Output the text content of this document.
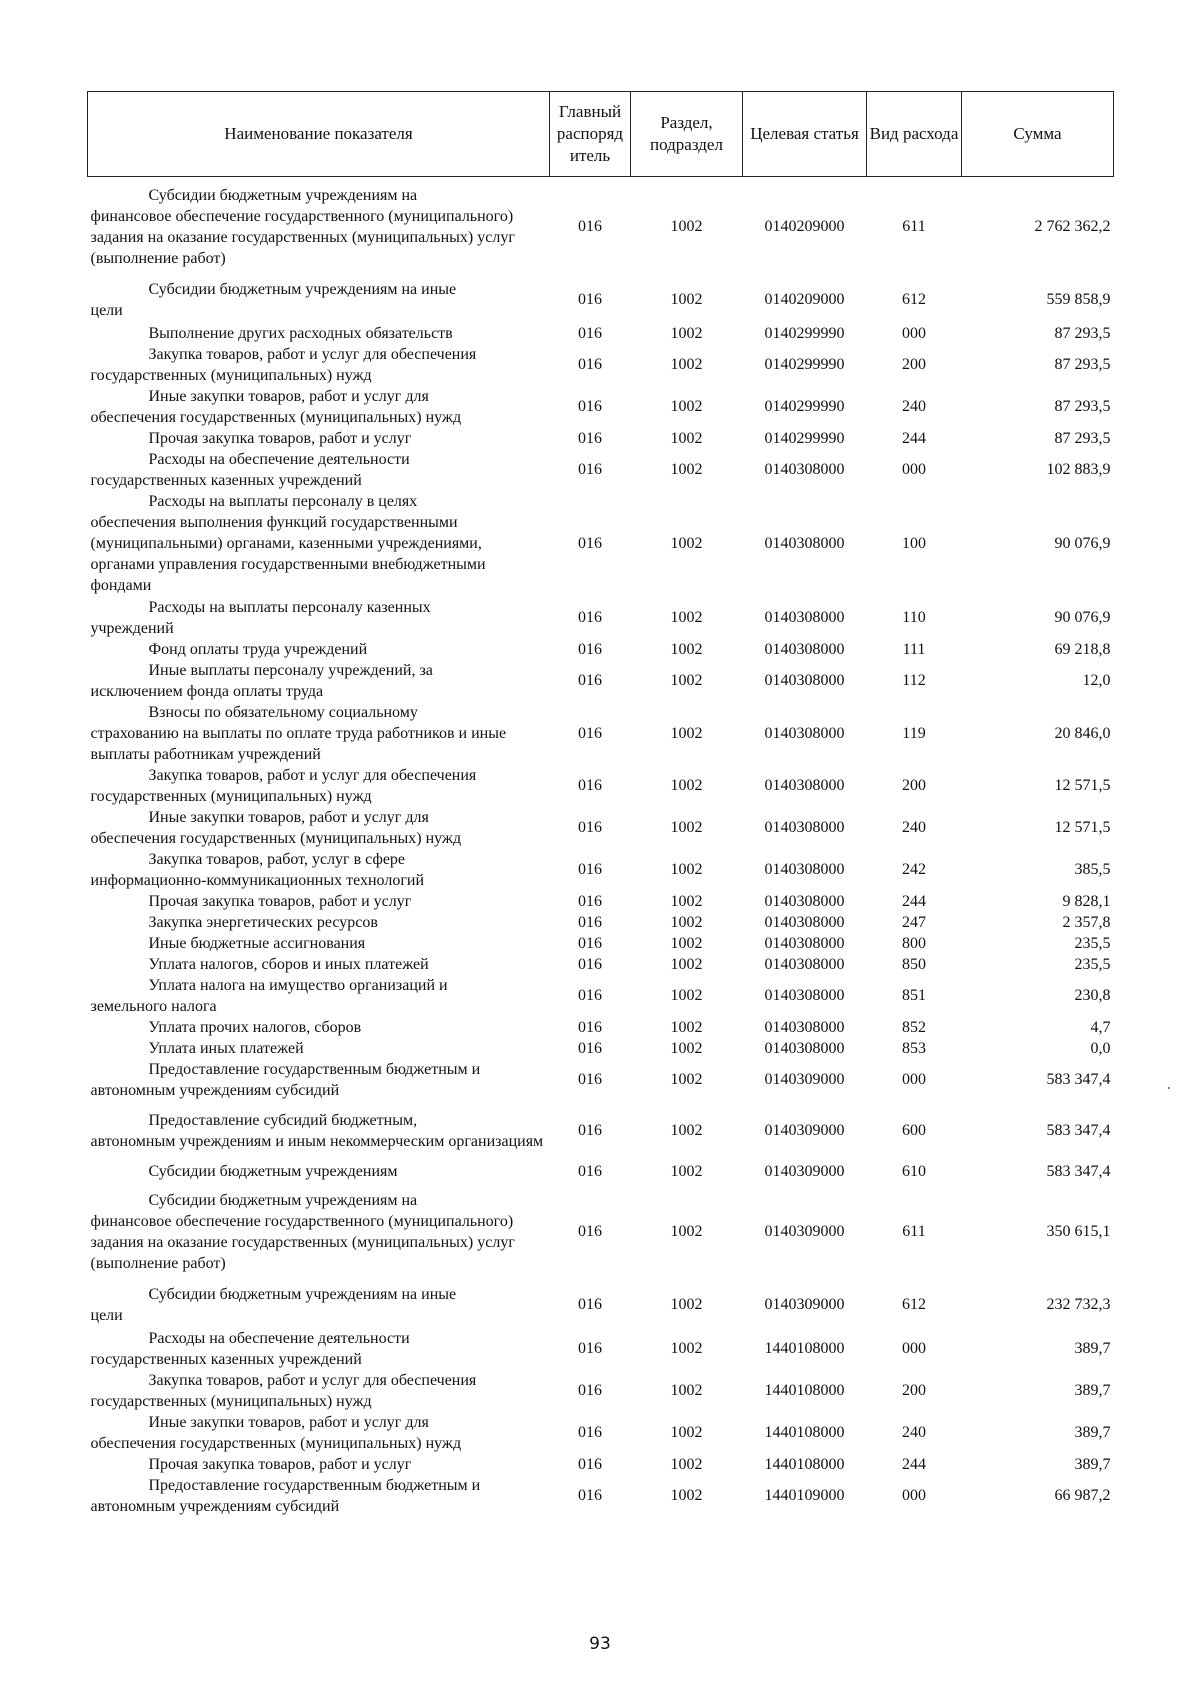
Наименование показателя	Главный распоряд итель	Раздел, подраздел	Целевая статья	Вид расхода	Сумма

Субсидии бюджетным учреждениям на
финансовое обеспечение государственного (муниципального) задания на оказание государственных (муниципальных) услуг (выполнение работ)	016	1002	0140209000	611	2 762 362,2

Субсидии бюджетным учреждениям на иные
цели	016	1002	0140209000	612	559 858,9

Выполнение других расходных обязательств	016	1002	0140299990	000	87 293,5

Закупка товаров, работ и услуг для обеспечения
государственных (муниципальных) нужд	016	1002	0140299990	200	87 293,5

Иные закупки товаров, работ и услуг для
обеспечения государственных (муниципальных) нужд	016	1002	0140299990	240	87 293,5

Прочая закупка товаров, работ и услуг	016	1002	0140299990	244	87 293,5

Расходы на обеспечение деятельности
государственных казенных учреждений	016	1002	0140308000	000	102 883,9

Расходы на выплаты персоналу в целях
обеспечения выполнения функций государственными (муниципальными) органами, казенными учреждениями, органами управления государственными внебюджетными фондами	016	1002	0140308000	100	90 076,9

Расходы на выплаты персоналу казенных
учреждений	016	1002	0140308000	110	90 076,9

Фонд оплаты труда учреждений	016	1002	0140308000	111	69 218,8

Иные выплаты персоналу учреждений, за
исключением фонда оплаты труда	016	1002	0140308000	112	12,0

Взносы по обязательному социальному
страхованию на выплаты по оплате труда работников и иные выплаты работникам учреждений	016	1002	0140308000	119	20 846,0

Закупка товаров, работ и услуг для обеспечения
государственных (муниципальных) нужд	016	1002	0140308000	200	12 571,5

Иные закупки товаров, работ и услуг для
обеспечения государственных (муниципальных) нужд	016	1002	0140308000	240	12 571,5

Закупка товаров, работ, услуг в сфере
информационно-коммуникационных технологий	016	1002	0140308000	242	385,5

Прочая закупка товаров, работ и услуг	016	1002	0140308000	244	9 828,1

Закупка энергетических ресурсов	016	1002	0140308000	247	2 357,8

Иные бюджетные ассигнования	016	1002	0140308000	800	235,5

Уплата налогов, сборов и иных платежей	016	1002	0140308000	850	235,5

Уплата налога на имущество организаций и
земельного налога	016	1002	0140308000	851	230,8

Уплата прочих налогов, сборов	016	1002	0140308000	852	4,7

Уплата иных платежей	016	1002	0140308000	853	0,0

Предоставление государственным бюджетным и
автономным учреждениям субсидий	016	1002	0140309000	000	583 347,4

Предоставление субсидий бюджетным,
автономным учреждениям и иным некоммерческим организациям	016	1002	0140309000	600	583 347,4

Субсидии бюджетным учреждениям	016	1002	0140309000	610	583 347,4

Субсидии бюджетным учреждениям на
финансовое обеспечение государственного (муниципального) задания на оказание государственных (муниципальных) услуг (выполнение работ)	016	1002	0140309000	611	350 615,1

Субсидии бюджетным учреждениям на иные
цели	016	1002	0140309000	612	232 732,3

Расходы на обеспечение деятельности
государственных казенных учреждений	016	1002	1440108000	000	389,7

Закупка товаров, работ и услуг для обеспечения
государственных (муниципальных) нужд	016	1002	1440108000	200	389,7

Иные закупки товаров, работ и услуг для
обеспечения государственных (муниципальных) нужд	016	1002	1440108000	240	389,7

Прочая закупка товаров, работ и услуг	016	1002	1440108000	244	389,7

Предоставление государственным бюджетным и
автономным учреждениям субсидий	016	1002	1440109000	000	66 987,2
93
